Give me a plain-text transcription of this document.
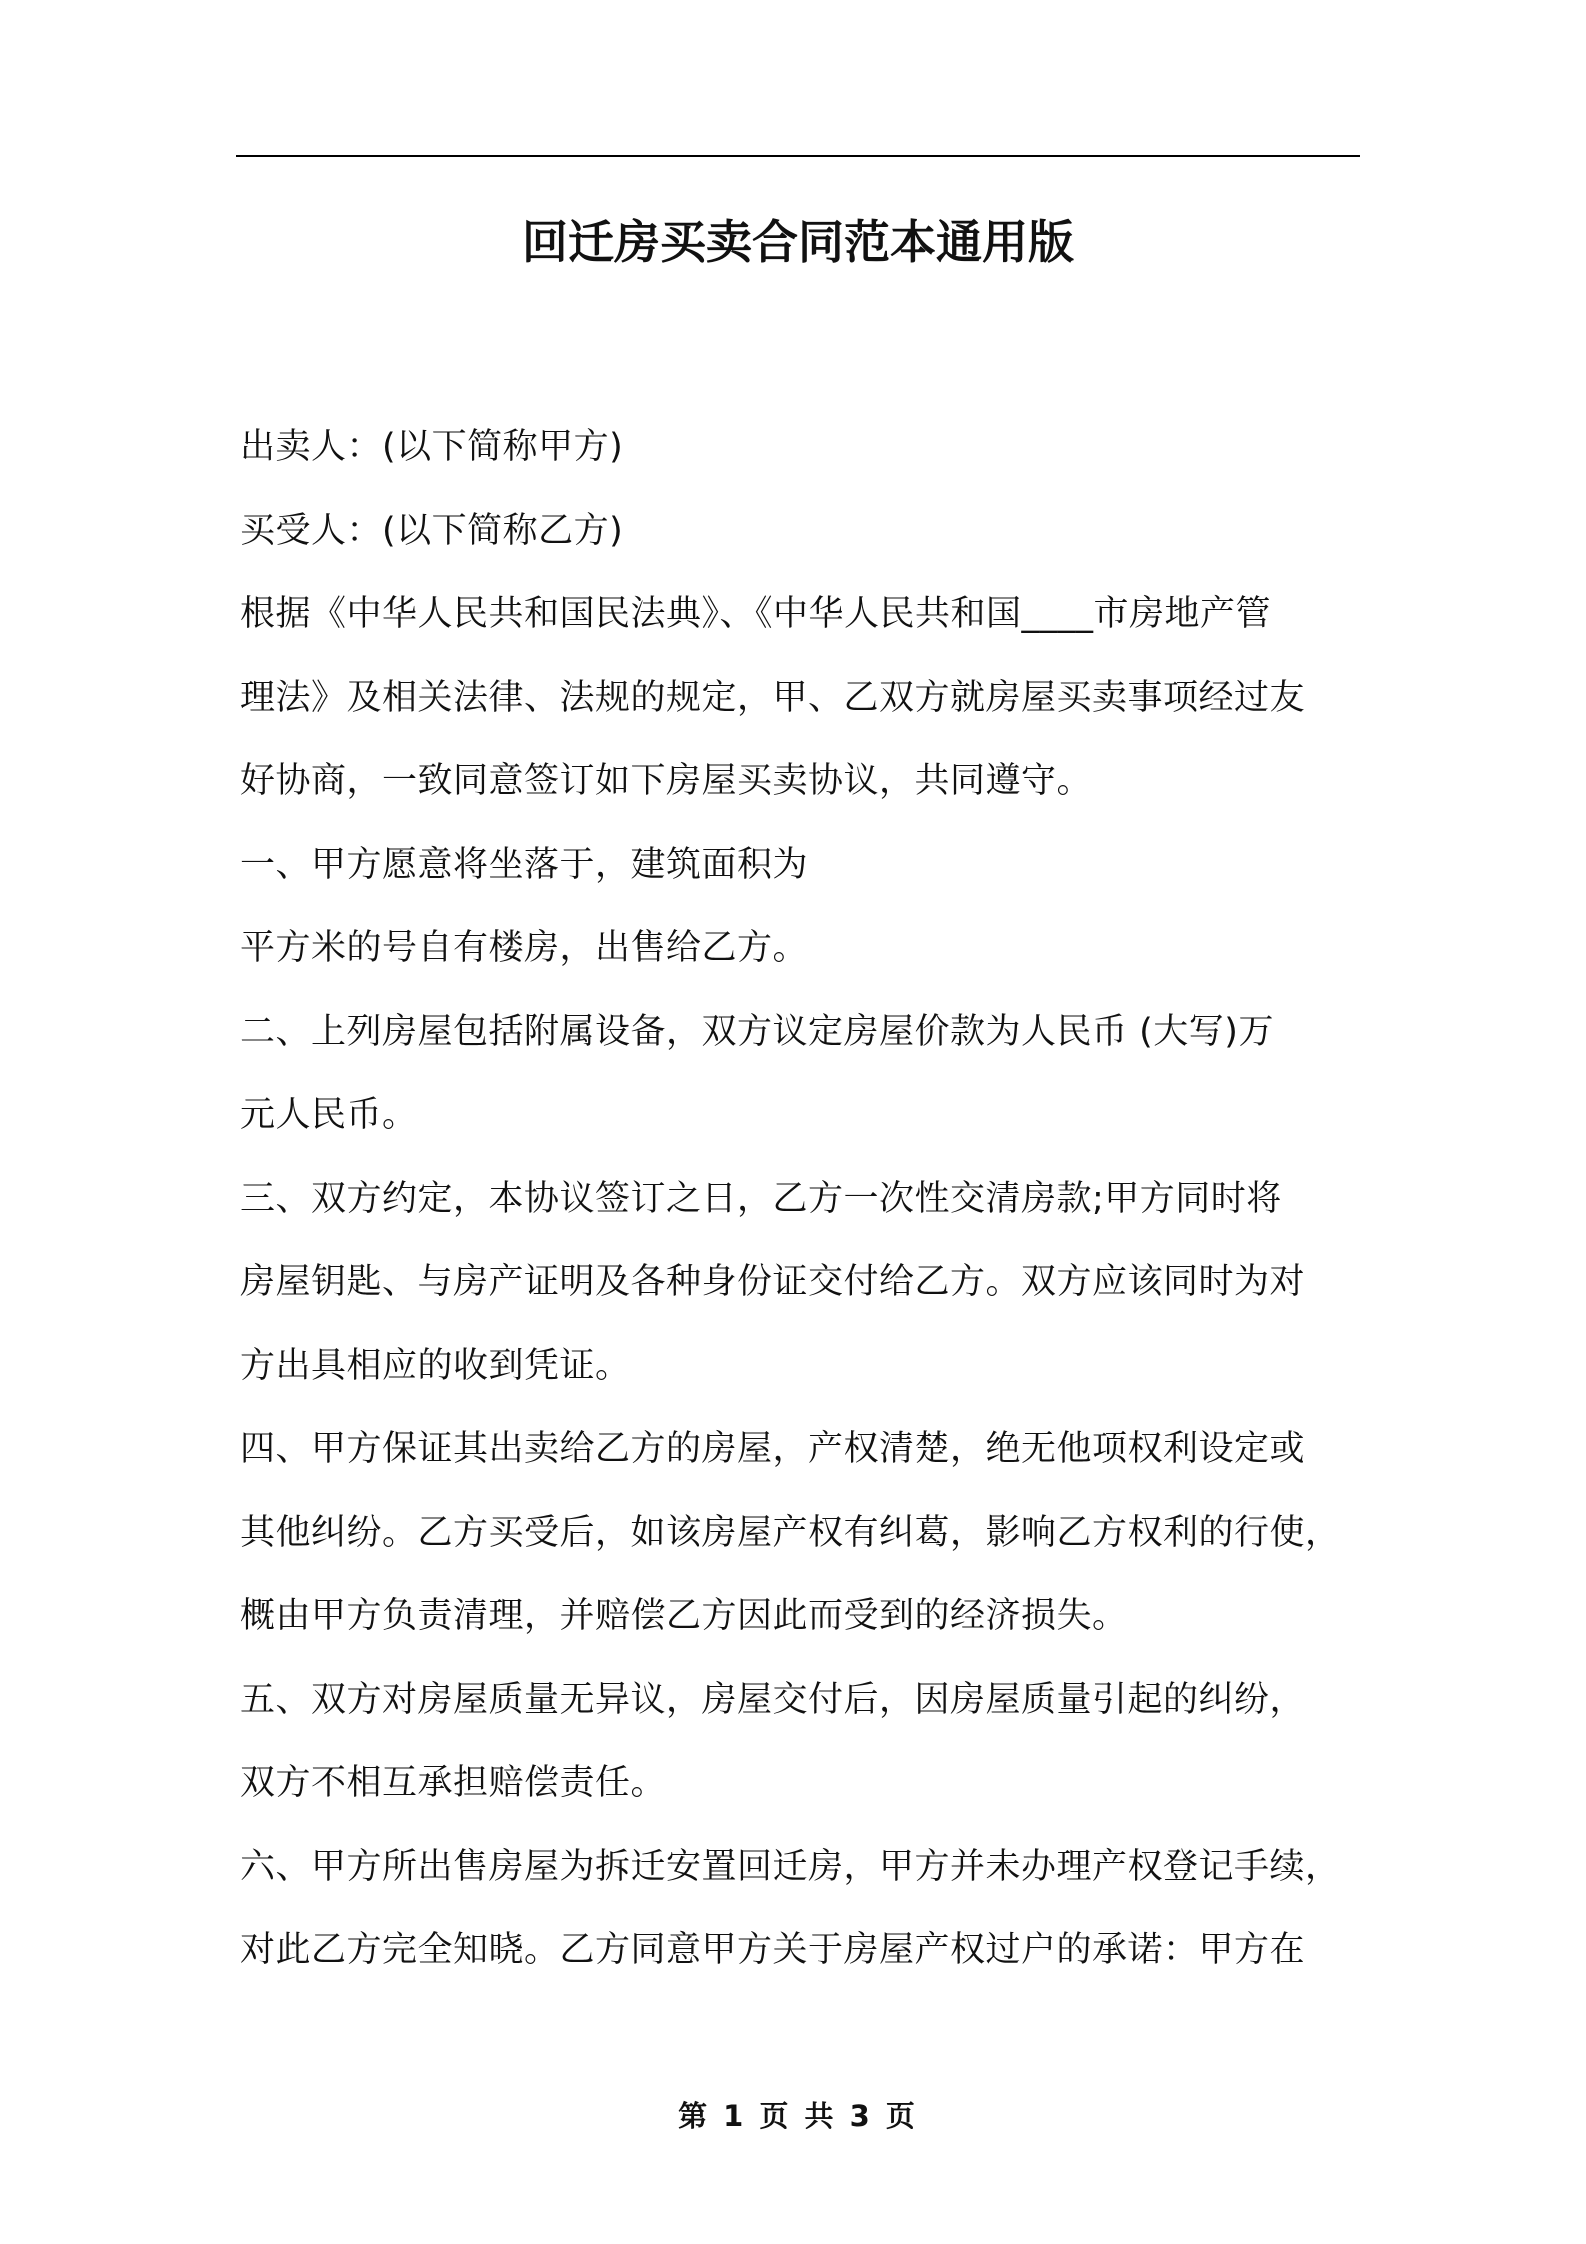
回迁房买卖合同范本通用版
出卖人：(以下简称甲方)
买受人：(以下简称乙方)
根据《中华人民共和国民法典》、《中华人民共和国____市房地产管
理法》及相关法律、法规的规定，甲、乙双方就房屋买卖事项经过友
好协商，一致同意签订如下房屋买卖协议，共同遵守。
一、甲方愿意将坐落于，建筑面积为
平方米的号自有楼房，出售给乙方。
二、上列房屋包括附属设备，双方议定房屋价款为人民币 (大写)万
元人民币。
三、双方约定，本协议签订之日，乙方一次性交清房款;甲方同时将
房屋钥匙、与房产证明及各种身份证交付给乙方。双方应该同时为对
方出具相应的收到凭证。
四、甲方保证其出卖给乙方的房屋，产权清楚，绝无他项权利设定或
其他纠纷。乙方买受后，如该房屋产权有纠葛，影响乙方权利的行使，
概由甲方负责清理，并赔偿乙方因此而受到的经济损失。
五、双方对房屋质量无异议，房屋交付后，因房屋质量引起的纠纷，
双方不相互承担赔偿责任。
六、甲方所出售房屋为拆迁安置回迁房，甲方并未办理产权登记手续，
对此乙方完全知晓。乙方同意甲方关于房屋产权过户的承诺：甲方在
第 1 页 共 3 页
